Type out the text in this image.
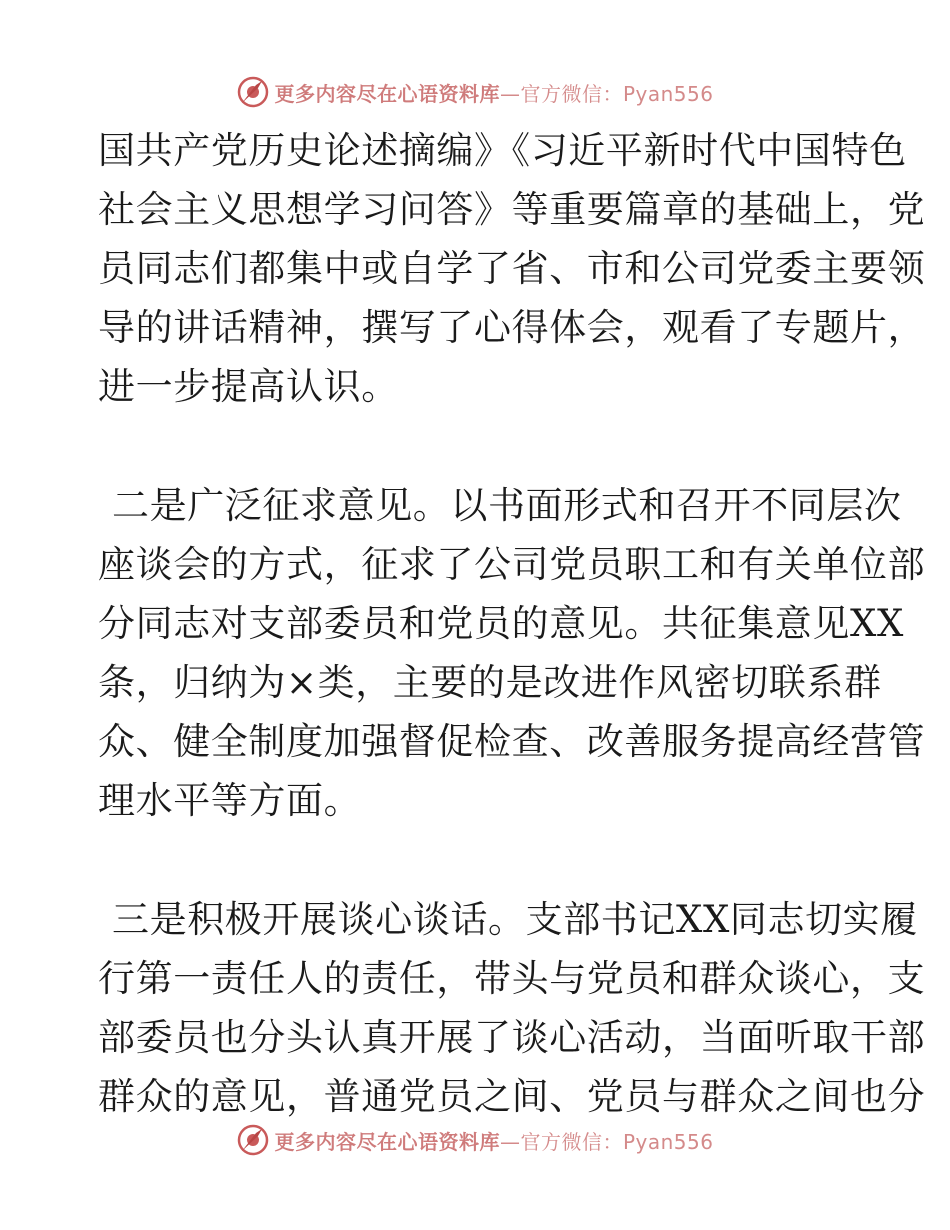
更多内容尽在心语资料库—官方微信：Pyan556
国共产党历史论述摘编》《习近平新时代中国特色
社会主义思想学习问答》等重要篇章的基础上，党
员同志们都集中或自学了省、市和公司党委主要领
导的讲话精神，撰写了心得体会，观看了专题片，
进一步提高认识。
二是广泛征求意见。以书面形式和召开不同层次
座谈会的方式，征求了公司党员职工和有关单位部
分同志对支部委员和党员的意见。共征集意见XX
条，归纳为×类，主要的是改进作风密切联系群
众、健全制度加强督促检查、改善服务提高经营管
理水平等方面。
三是积极开展谈心谈话。支部书记XX同志切实履
行第一责任人的责任，带头与党员和群众谈心，支
部委员也分头认真开展了谈心活动，当面听取干部
群众的意见，普通党员之间、党员与群众之间也分
更多内容尽在心语资料库—官方微信：Pyan556
